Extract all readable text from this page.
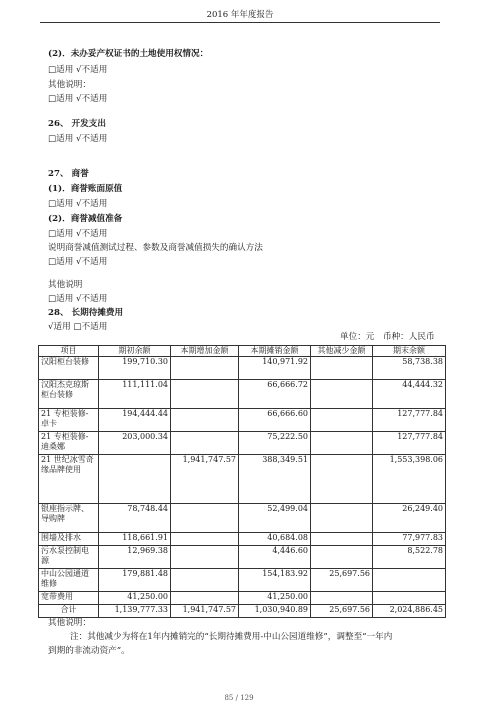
2016 年年度报告
(2)．未办妥产权证书的土地使用权情况：
□适用 √不适用
其他说明：
□适用 √不适用
26、 开发支出
□适用 √不适用
27、 商誉
(1)．商誉账面原值
□适用 √不适用
(2)．商誉减值准备
□适用 √不适用
说明商誉减值测试过程、参数及商誉减值损失的确认方法
□适用 √不适用
其他说明
□适用 √不适用
28、 长期待摊费用
√适用 □不适用
单位：元　币种：人民币
项目	期初余额	本期增加金额	本期摊销金额	其他减少金额	期末余额
汉阳柜台装修	199,710.30		140,971.92		58,738.38
汉阳杰克琼斯柜台装修	111,111.04		66,666.72		44,444.32
21 专柜装修-卓卡	194,444.44		66,666.60		127,777.84
21 专柜装修-迪桑娜	203,000.34		75,222.50		127,777.84
21 世纪冰雪奇缘品牌使用		1,941,747.57	388,349.51		1,553,398.06
银座指示牌、导购牌	78,748.44		52,499.04		26,249.40
围墙及排水	118,661.91		40,684.08		77,977.83
污水泵控制电源	12,969.38		4,446.60		8,522.78
中山公园通道维修	179,881.48		154,183.92	25,697.56	
宽带费用	41,250.00		41,250.00		
合计	1,139,777.33	1,941,747.57	1,030,940.89	25,697.56	2,024,886.45
其他说明：
注：其他减少为将在1年内摊销完的“长期待摊费用-中山公园道维修”，调整至“一年内
到期的非流动资产”。
85 / 129
